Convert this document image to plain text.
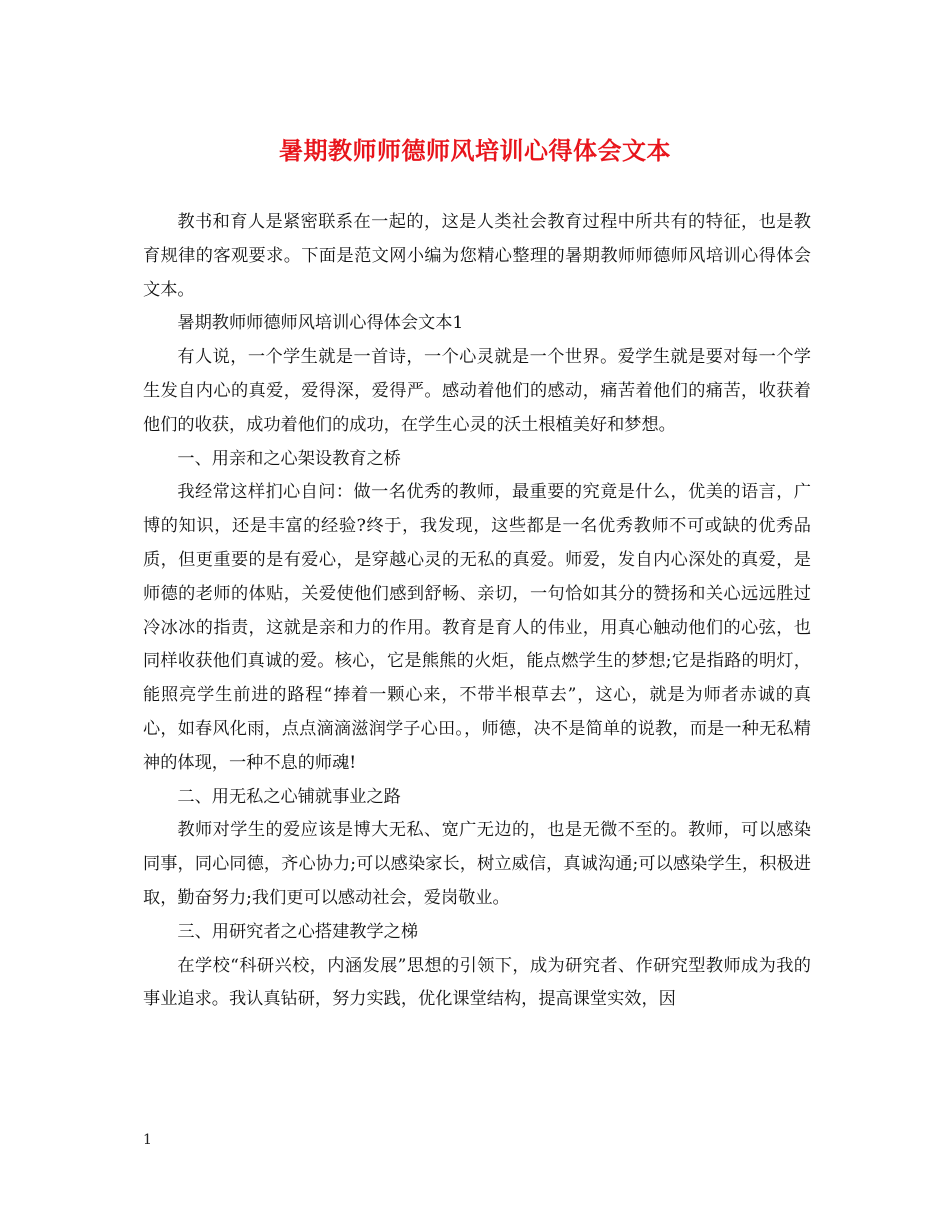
暑期教师师德师风培训心得体会文本

教书和育人是紧密联系在一起的，这是人类社会教育过程中所共有的特征，也是教育规律的客观要求。下面是范文网小编为您精心整理的暑期教师师德师风培训心得体会文本。

暑期教师师德师风培训心得体会文本1

有人说，一个学生就是一首诗，一个心灵就是一个世界。爱学生就是要对每一个学生发自内心的真爱，爱得深，爱得严。感动着他们的感动，痛苦着他们的痛苦，收获着他们的收获，成功着他们的成功，在学生心灵的沃土根植美好和梦想。

一、用亲和之心架设教育之桥

我经常这样扪心自问：做一名优秀的教师，最重要的究竟是什么，优美的语言，广博的知识，还是丰富的经验?终于，我发现，这些都是一名优秀教师不可或缺的优秀品质，但更重要的是有爱心，是穿越心灵的无私的真爱。师爱，发自内心深处的真爱，是师德的老师的体贴，关爱使他们感到舒畅、亲切，一句恰如其分的赞扬和关心远远胜过冷冰冰的指责，这就是亲和力的作用。教育是育人的伟业，用真心触动他们的心弦，也同样收获他们真诚的爱。核心，它是熊熊的火炬，能点燃学生的梦想;它是指路的明灯，能照亮学生前进的路程“捧着一颗心来，不带半根草去”，这心，就是为师者赤诚的真心，如春风化雨，点点滴滴滋润学子心田。，师德，决不是简单的说教，而是一种无私精神的体现，一种不息的师魂!

二、用无私之心铺就事业之路

教师对学生的爱应该是博大无私、宽广无边的，也是无微不至的。教师，可以感染同事，同心同德，齐心协力;可以感染家长，树立威信，真诚沟通;可以感染学生，积极进取，勤奋努力;我们更可以感动社会，爱岗敬业。

三、用研究者之心搭建教学之梯

在学校“科研兴校，内涵发展”思想的引领下，成为研究者、作研究型教师成为我的事业追求。我认真钻研，努力实践，优化课堂结构，提高课堂实效，因

1
